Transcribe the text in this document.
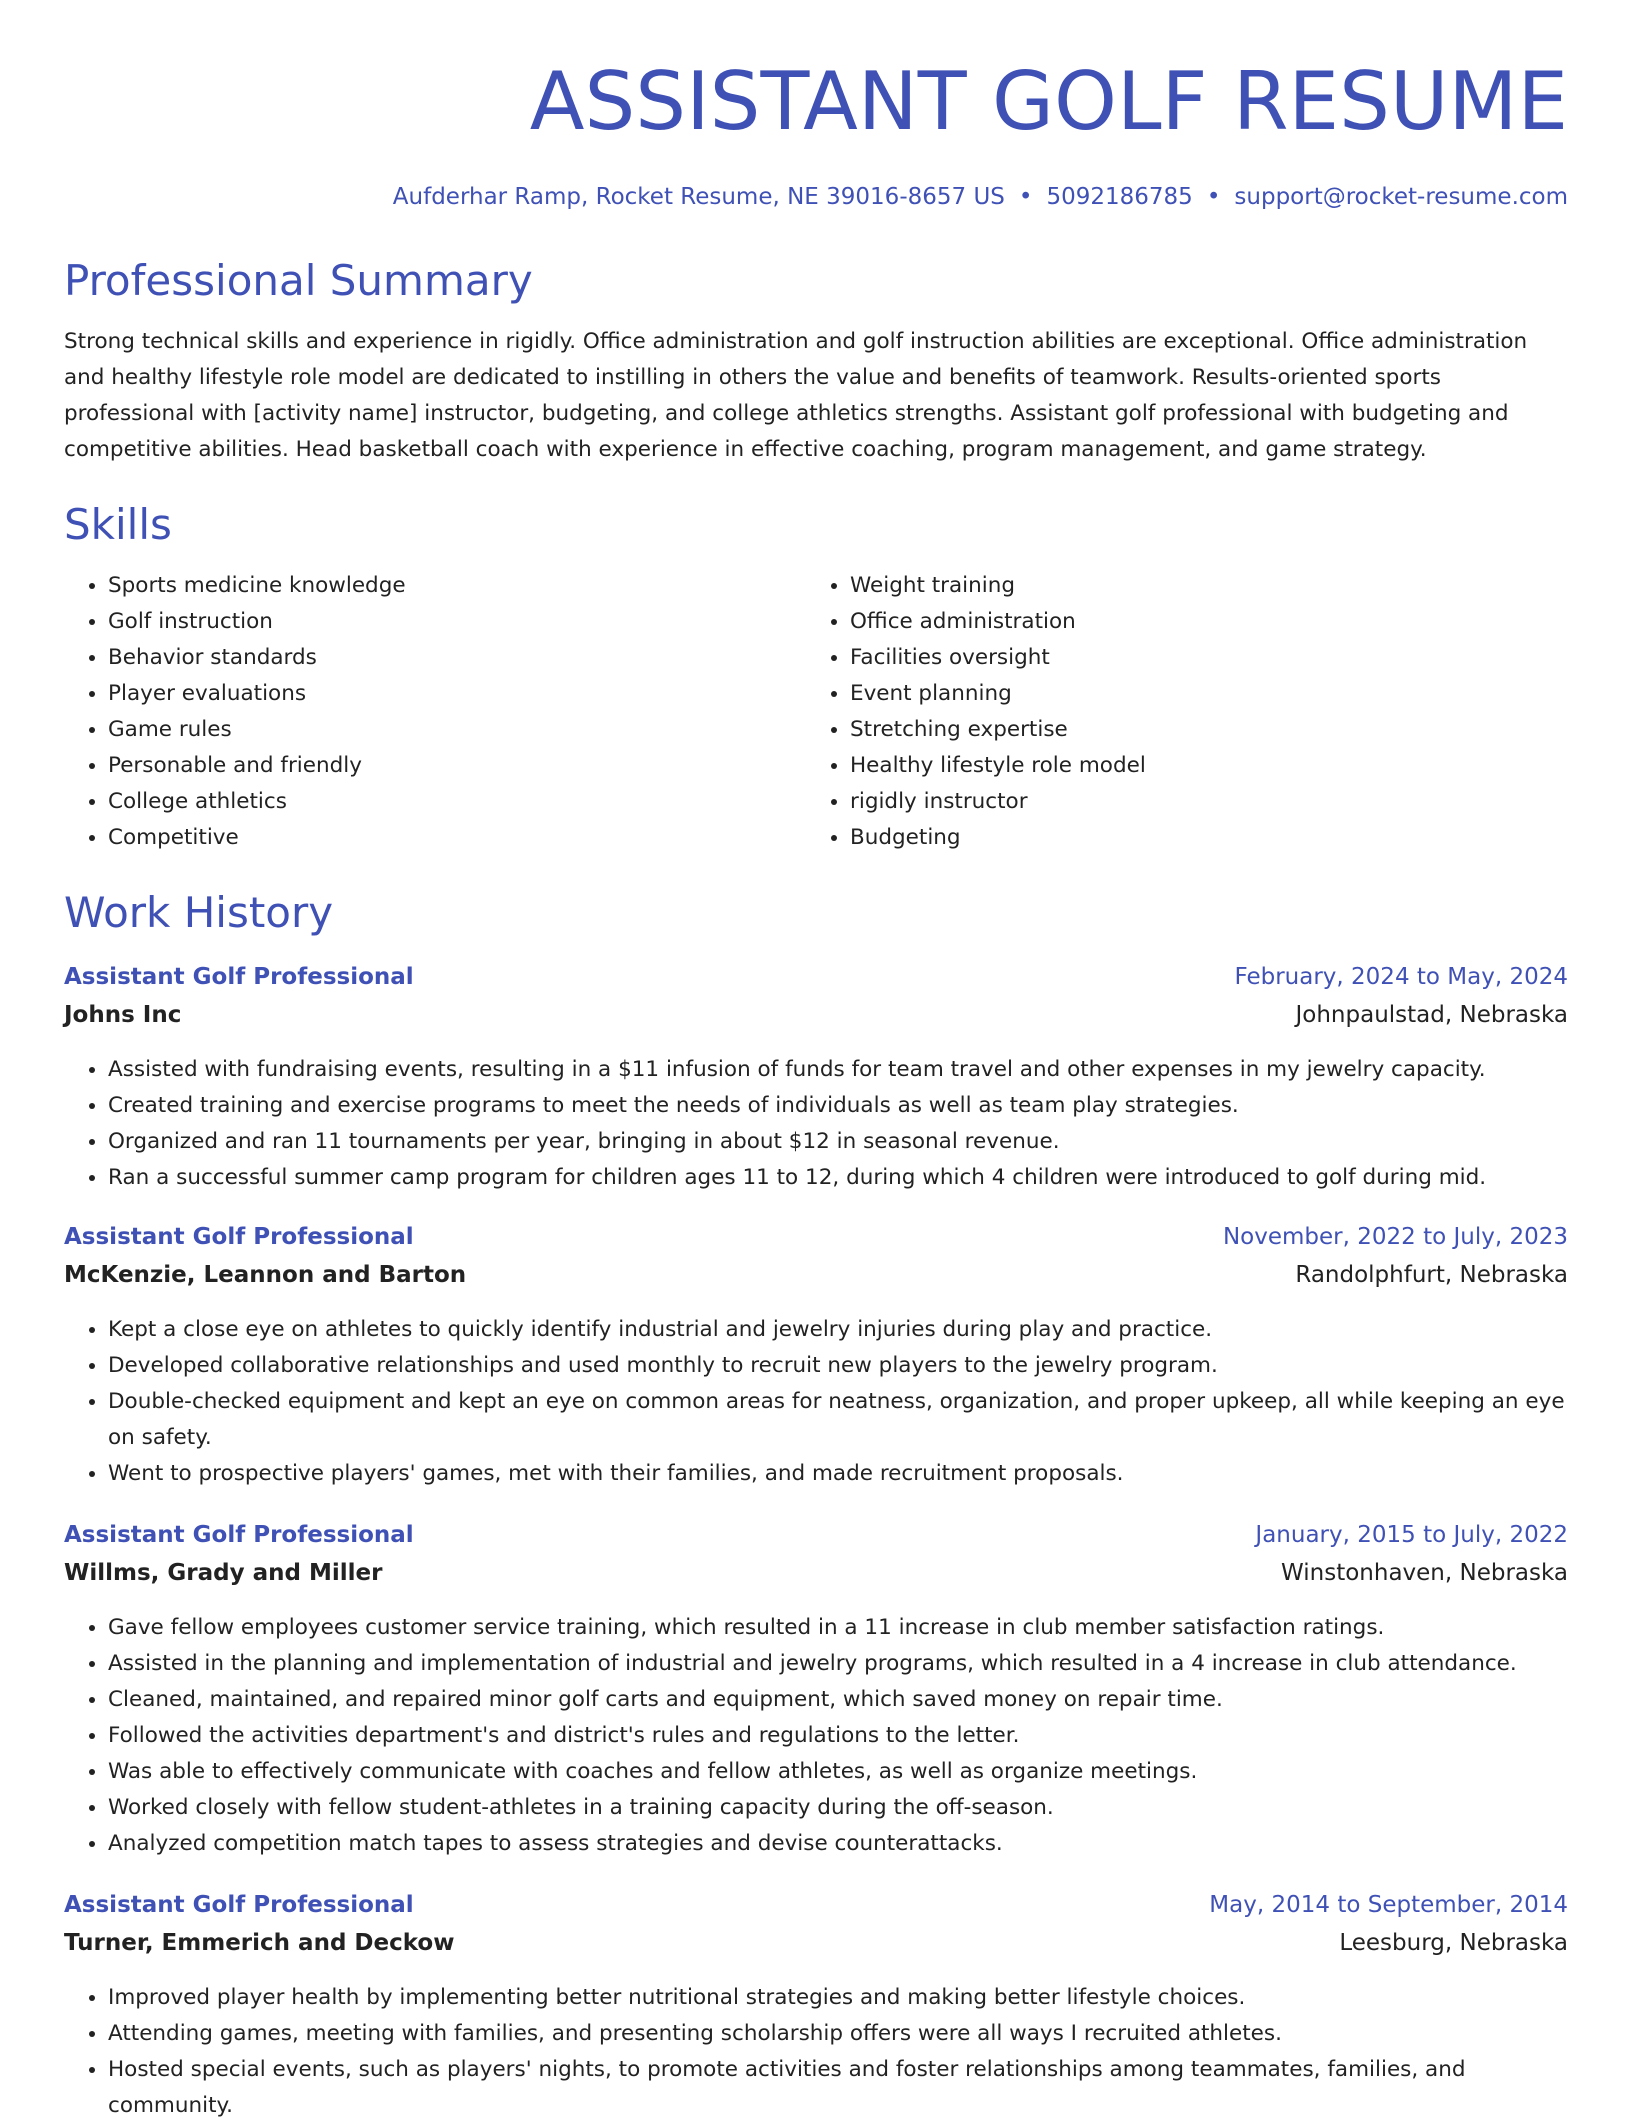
ASSISTANT GOLF RESUME
Aufderhar Ramp, Rocket Resume, NE 39016-8657 US • 5092186785 • support@rocket-resume.com
Professional Summary
Strong technical skills and experience in rigidly. Office administration and golf instruction abilities are exceptional. Office administration and healthy lifestyle role model are dedicated to instilling in others the value and benefits of teamwork. Results-oriented sports professional with [activity name] instructor, budgeting, and college athletics strengths. Assistant golf professional with budgeting and competitive abilities. Head basketball coach with experience in effective coaching, program management, and game strategy.
Skills
• Sports medicine knowledge
• Golf instruction
• Behavior standards
• Player evaluations
• Game rules
• Personable and friendly
• College athletics
• Competitive
• Weight training
• Office administration
• Facilities oversight
• Event planning
• Stretching expertise
• Healthy lifestyle role model
• rigidly instructor
• Budgeting
Work History
Assistant Golf Professional	February, 2024 to May, 2024
Johns Inc	Johnpaulstad, Nebraska
• Assisted with fundraising events, resulting in a $11 infusion of funds for team travel and other expenses in my jewelry capacity.
• Created training and exercise programs to meet the needs of individuals as well as team play strategies.
• Organized and ran 11 tournaments per year, bringing in about $12 in seasonal revenue.
• Ran a successful summer camp program for children ages 11 to 12, during which 4 children were introduced to golf during mid.
Assistant Golf Professional	November, 2022 to July, 2023
McKenzie, Leannon and Barton	Randolphfurt, Nebraska
• Kept a close eye on athletes to quickly identify industrial and jewelry injuries during play and practice.
• Developed collaborative relationships and used monthly to recruit new players to the jewelry program.
• Double-checked equipment and kept an eye on common areas for neatness, organization, and proper upkeep, all while keeping an eye on safety.
• Went to prospective players' games, met with their families, and made recruitment proposals.
Assistant Golf Professional	January, 2015 to July, 2022
Willms, Grady and Miller	Winstonhaven, Nebraska
• Gave fellow employees customer service training, which resulted in a 11 increase in club member satisfaction ratings.
• Assisted in the planning and implementation of industrial and jewelry programs, which resulted in a 4 increase in club attendance.
• Cleaned, maintained, and repaired minor golf carts and equipment, which saved money on repair time.
• Followed the activities department's and district's rules and regulations to the letter.
• Was able to effectively communicate with coaches and fellow athletes, as well as organize meetings.
• Worked closely with fellow student-athletes in a training capacity during the off-season.
• Analyzed competition match tapes to assess strategies and devise counterattacks.
Assistant Golf Professional	May, 2014 to September, 2014
Turner, Emmerich and Deckow	Leesburg, Nebraska
• Improved player health by implementing better nutritional strategies and making better lifestyle choices.
• Attending games, meeting with families, and presenting scholarship offers were all ways I recruited athletes.
• Hosted special events, such as players' nights, to promote activities and foster relationships among teammates, families, and community.
